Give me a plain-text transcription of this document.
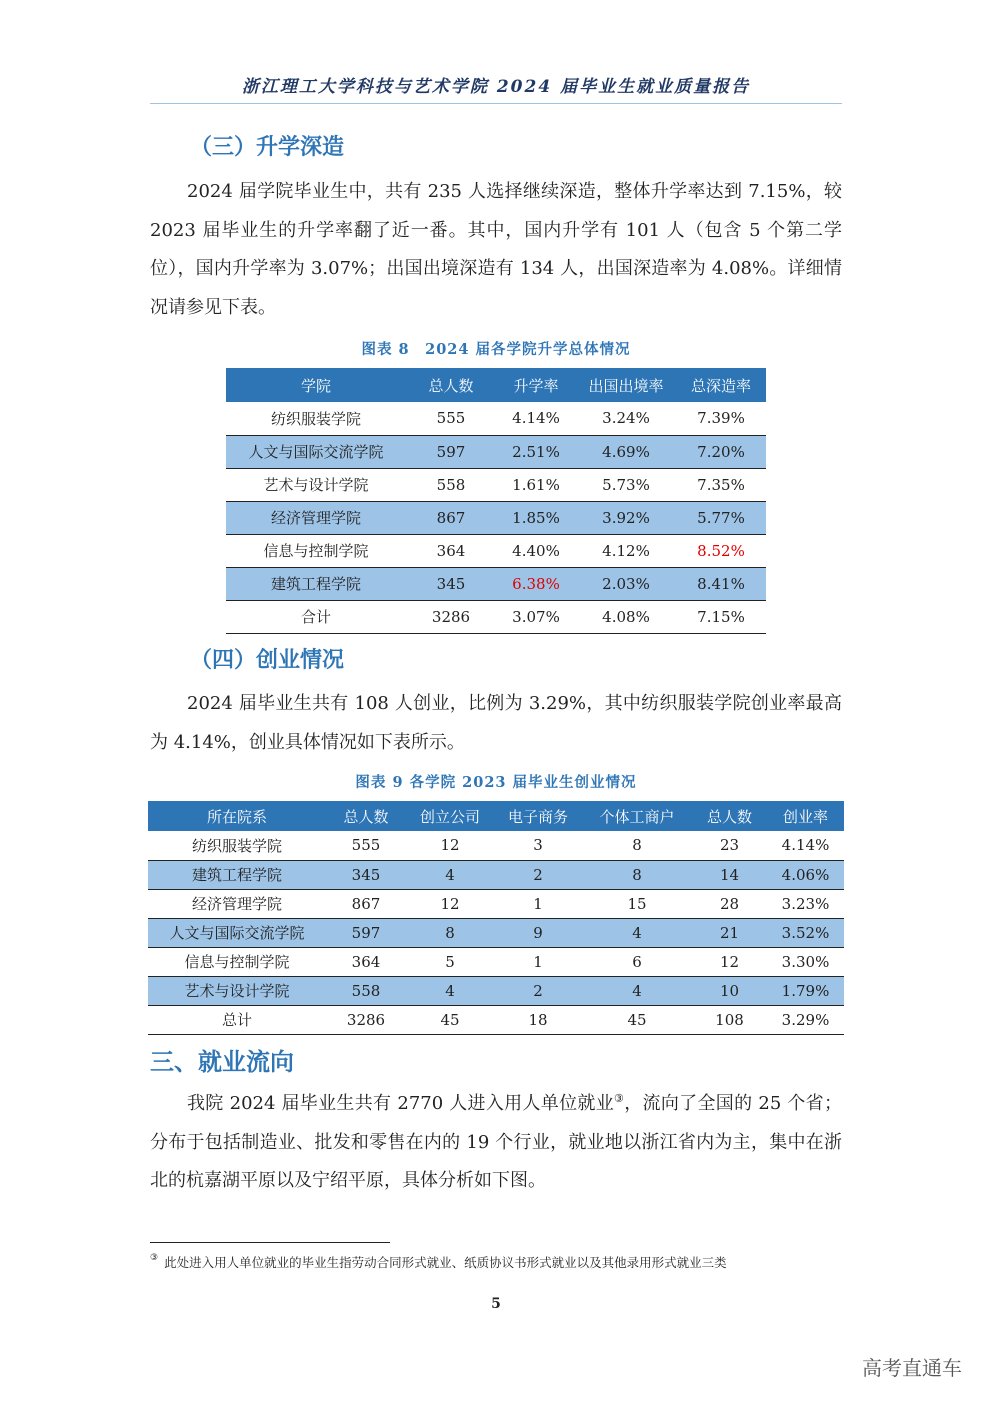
浙江理工大学科技与艺术学院 2024 届毕业生就业质量报告
（三）升学深造
2024 届学院毕业生中，共有 235 人选择继续深造，整体升学率达到 7.15%，较 2023 届毕业生的升学率翻了近一番。其中，国内升学有 101 人（包含 5 个第二学位），国内升学率为 3.07%；出国出境深造有 134 人，出国深造率为 4.08%。详细情况请参见下表。
图表 8　2024 届各学院升学总体情况
学院	总人数	升学率	出国出境率	总深造率
纺织服装学院	555	4.14%	3.24%	7.39%
人文与国际交流学院	597	2.51%	4.69%	7.20%
艺术与设计学院	558	1.61%	5.73%	7.35%
经济管理学院	867	1.85%	3.92%	5.77%
信息与控制学院	364	4.40%	4.12%	8.52%
建筑工程学院	345	6.38%	2.03%	8.41%
合计	3286	3.07%	4.08%	7.15%
（四）创业情况
2024 届毕业生共有 108 人创业，比例为 3.29%，其中纺织服装学院创业率最高为 4.14%，创业具体情况如下表所示。
图表 9 各学院 2023 届毕业生创业情况
所在院系	总人数	创立公司	电子商务	个体工商户	总人数	创业率
纺织服装学院	555	12	3	8	23	4.14%
建筑工程学院	345	4	2	8	14	4.06%
经济管理学院	867	12	1	15	28	3.23%
人文与国际交流学院	597	8	9	4	21	3.52%
信息与控制学院	364	5	1	6	12	3.30%
艺术与设计学院	558	4	2	4	10	1.79%
总计	3286	45	18	45	108	3.29%
三、就业流向
我院 2024 届毕业生共有 2770 人进入用人单位就业③，流向了全国的 25 个省；分布于包括制造业、批发和零售在内的 19 个行业，就业地以浙江省内为主，集中在浙北的杭嘉湖平原以及宁绍平原，具体分析如下图。
③ 此处进入用人单位就业的毕业生指劳动合同形式就业、纸质协议书形式就业以及其他录用形式就业三类
5
高考直通车
